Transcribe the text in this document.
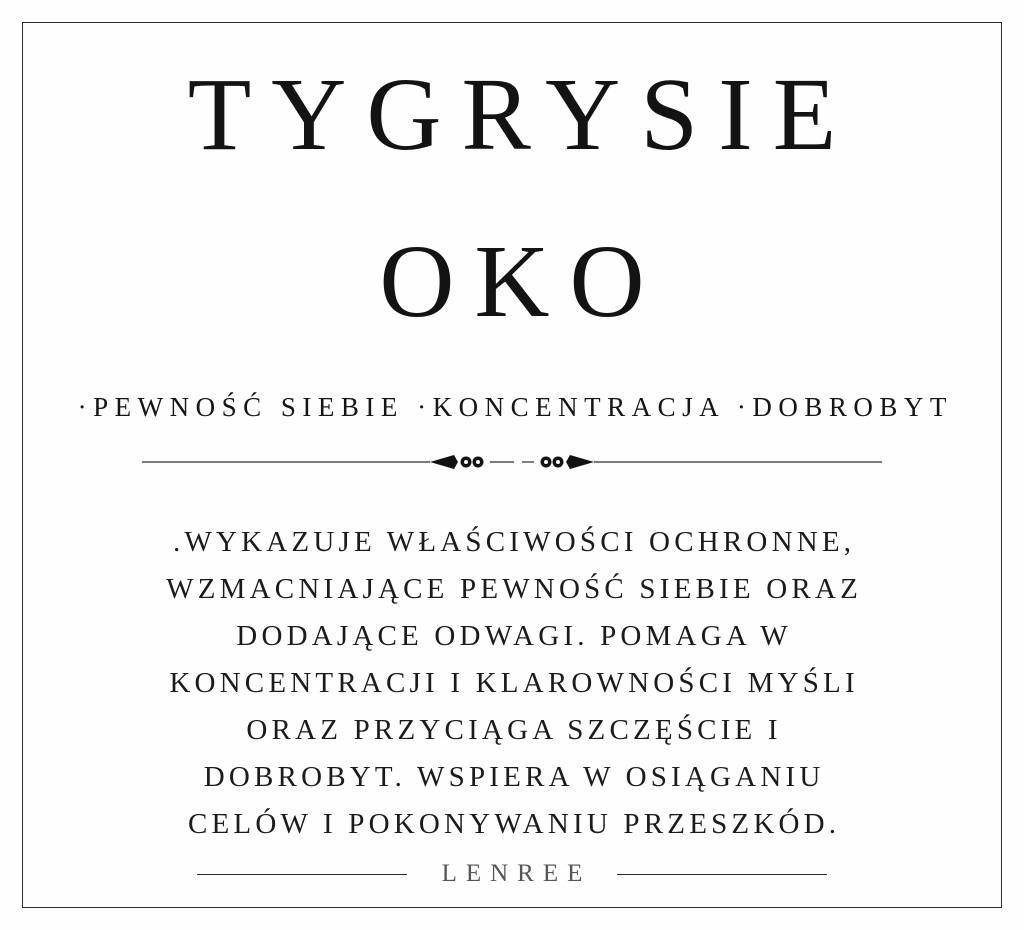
TYGRYSIE
OKO
·PEWNOŚĆ SIEBIE ·KONCENTRACJA ·DOBROBYT
.WYKAZUJE WŁAŚCIWOŚCI OCHRONNE,
WZMACNIAJĄCE PEWNOŚĆ SIEBIE ORAZ
DODAJĄCE ODWAGI. POMAGA W
KONCENTRACJI I KLAROWNOŚCI MYŚLI
ORAZ PRZYCIĄGA SZCZĘŚCIE I
DOBROBYT. WSPIERA W OSIĄGANIU
CELÓW I POKONYWANIU PRZESZKÓD.
LENREE
